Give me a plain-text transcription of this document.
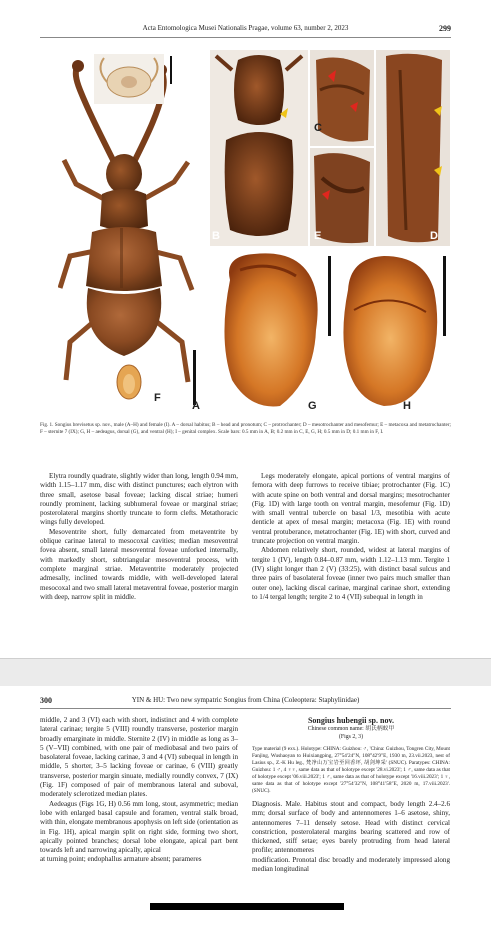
Acta Entomologica Musei Nationalis Pragae, volume 63, number 2, 2023	299
A
F
B
C
E	D
G	H
Fig. 1. Songius brevisetus sp. nov., male (A–H) and female (I). A – dorsal habitus; B – head and pronotum; C – protrochanter; D – mesotrochanter and mesofemur; E – metacoxa and metatrochanter; F – sternite 7 (IX); G, H – aedeagus, dorsal (G), and ventral (H); I – genital complex. Scale bars: 0.5 mm in A, B; 0.2 mm in C, E, G, H; 0.5 mm in D; 0.1 mm in F, I.

Elytra roundly quadrate, slightly wider than long, length 0.94 mm, width 1.15–1.17 mm, disc with distinct punctures; each elytron with three small, asetose basal foveae; lacking discal striae; humeri roundly prominent, lacking subhumeral foveae or marginal striae; posterolateral margins shortly truncate to form clefts. Metathoracic wings fully developed.

Mesoventrite short, fully demarcated from metaventrite by oblique carinae lateral to mesocoxal cavities; median mesoventral fovea absent, small lateral mesoventral foveae unforked internally, with markedly short, subtriangular mesoventral process, with complete marginal striae. Metaventrite moderately projected admesally, inclined towards middle, with well-developed lateral mesocoxal and two small lateral metaventral foveae, posterior margin with deep, narrow split in middle.

Legs moderately elongate, apical portions of ventral margins of femora with deep furrows to receive tibiae; protrochanter (Fig. 1C) with acute spine on both ventral and dorsal margins; mesotrochanter (Fig. 1D) with large tooth on ventral margin, mesofemur (Fig. 1D) with small ventral tubercle on basal 1/3, mesotibia with acute denticle at apex of mesal margin; metacoxa (Fig. 1E) with round ventral protuberance, metatrochanter (Fig. 1E) with short, curved and truncate projection on ventral margin.

Abdomen relatively short, rounded, widest at lateral margins of tergite 1 (IV), length 0.84–0.87 mm, width 1.12–1.13 mm. Tergite 1 (IV) slight longer than 2 (V) (33:25), with distinct basal sulcus and three pairs of basolateral foveae (inner two pairs much smaller than outer one), lacking discal carinae, marginal carinae short, extending to 1/4 tergal length; tergite 2 to 4 (VII) subequal in length in

300	YIN & HU: Two new sympatric Songius from China (Coleoptera: Staphylinidae)

middle, 2 and 3 (VI) each with short, indistinct and 4 with complete lateral carinae; tergite 5 (VIII) roundly transverse, posterior margin broadly emarginate in middle. Sternite 2 (IV) in middle as long as 3–5 (V–VII) combined, with one pair of mediobasal and two pairs of basolateral foveae, lacking carinae, 3 and 4 (VI) subequal in length in middle, 5 shorter, 3–5 lacking foveae or carinae, 6 (VIII) greatly transverse, posterior margin sinuate, medially roundly convex, 7 (IX) (Fig. 1F) composed of pair of membranous lateral and suboval, moderately sclerotized median plates.

Aedeagus (Figs 1G, H) 0.56 mm long, stout, asymmetric; median lobe with enlarged basal capsule and foramen, ventral stalk broad, with thin, elongate membranous apophysis on left side (orientation as in Fig. 1H), apical margin split on right side, forming two short, apically pointed branches; dorsal lobe elongate, apical part bent towards left and narrowing apically, apical

at turning point; endophallus armature absent; parameres

Songius hubengii sp. nov.
Chinese common name: 胡氏柄蚁甲
(Figs 2, 3)
Type material (9 exx.). Holotype: CHINA: Guizhou: ♂, 'China: Guizhou, Tongren City, Mount Fanjing, Wushaoyan to Huixiangping, 27°54′24″N, 108°42′9″E, 1930 m, 23.vii.2023, nest of Lasius sp., Z.-K Hu leg., 梵净山万宝岩至回香坪, 胡剑坤采' (SNUC). Paratypes: CHINA: Guizhou: 1 ♂, 4 ♀♀, same data as that of holotype except '28.vi.2023'; 1 ♂, same data as that of holotype except '06.viii.2023'; 1 ♂, same data as that of holotype except '16.viii.2023'; 1 ♀, same data as that of holotype except '27°54′32″N, 108°41′58″E, 2020 m, 17.viii.2023'. (SNUC).

Diagnosis. Male. Habitus stout and compact, body length 2.4–2.6 mm; dorsal surface of body and antennomeres 1–6 asetose, shiny, antennomeres 7–11 densely setose. Head with distinct cervical constriction, posterolateral margins bearing scattered and row of thickened, stiff setae; eyes barely protruding from head lateral profile; antennomeres

modification. Pronotal disc broadly and moderately impressed along median longitudinal
